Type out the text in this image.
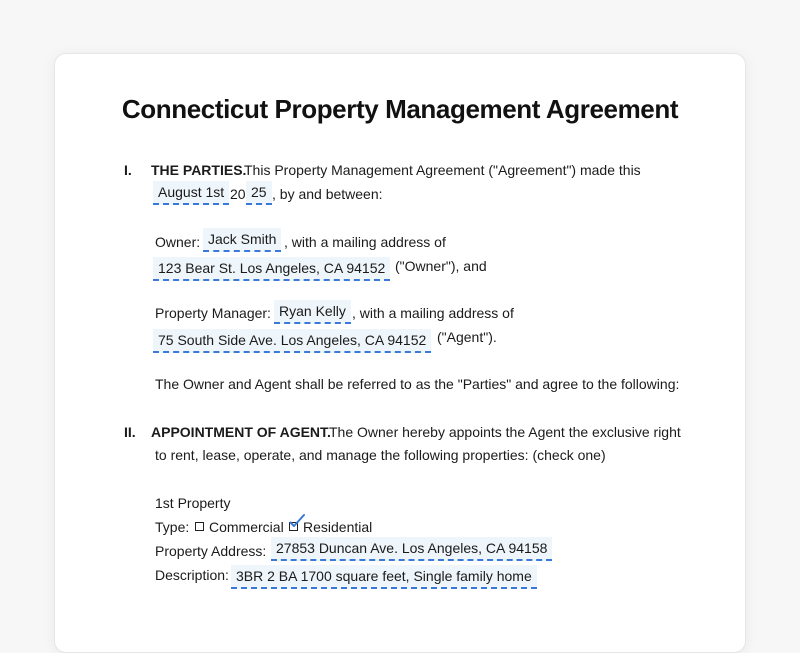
Connecticut Property Management Agreement
I. THE PARTIES.
This Property Management Agreement ("Agreement") made this
August 1st 20 25 , by and between:
Owner: Jack Smith , with a mailing address of
123 Bear St. Los Angeles, CA 94152 ("Owner"), and
Property Manager: Ryan Kelly , with a mailing address of
75 South Side Ave. Los Angeles, CA 94152 ("Agent").
The Owner and Agent shall be referred to as the "Parties" and agree to the following:
II. APPOINTMENT OF AGENT.
The Owner hereby appoints the Agent the exclusive right
to rent, lease, operate, and manage the following properties: (check one)
1st Property
Type: Commercial Residential
Property Address: 27853 Duncan Ave. Los Angeles, CA 94158
Description: 3BR 2 BA 1700 square feet, Single family home
